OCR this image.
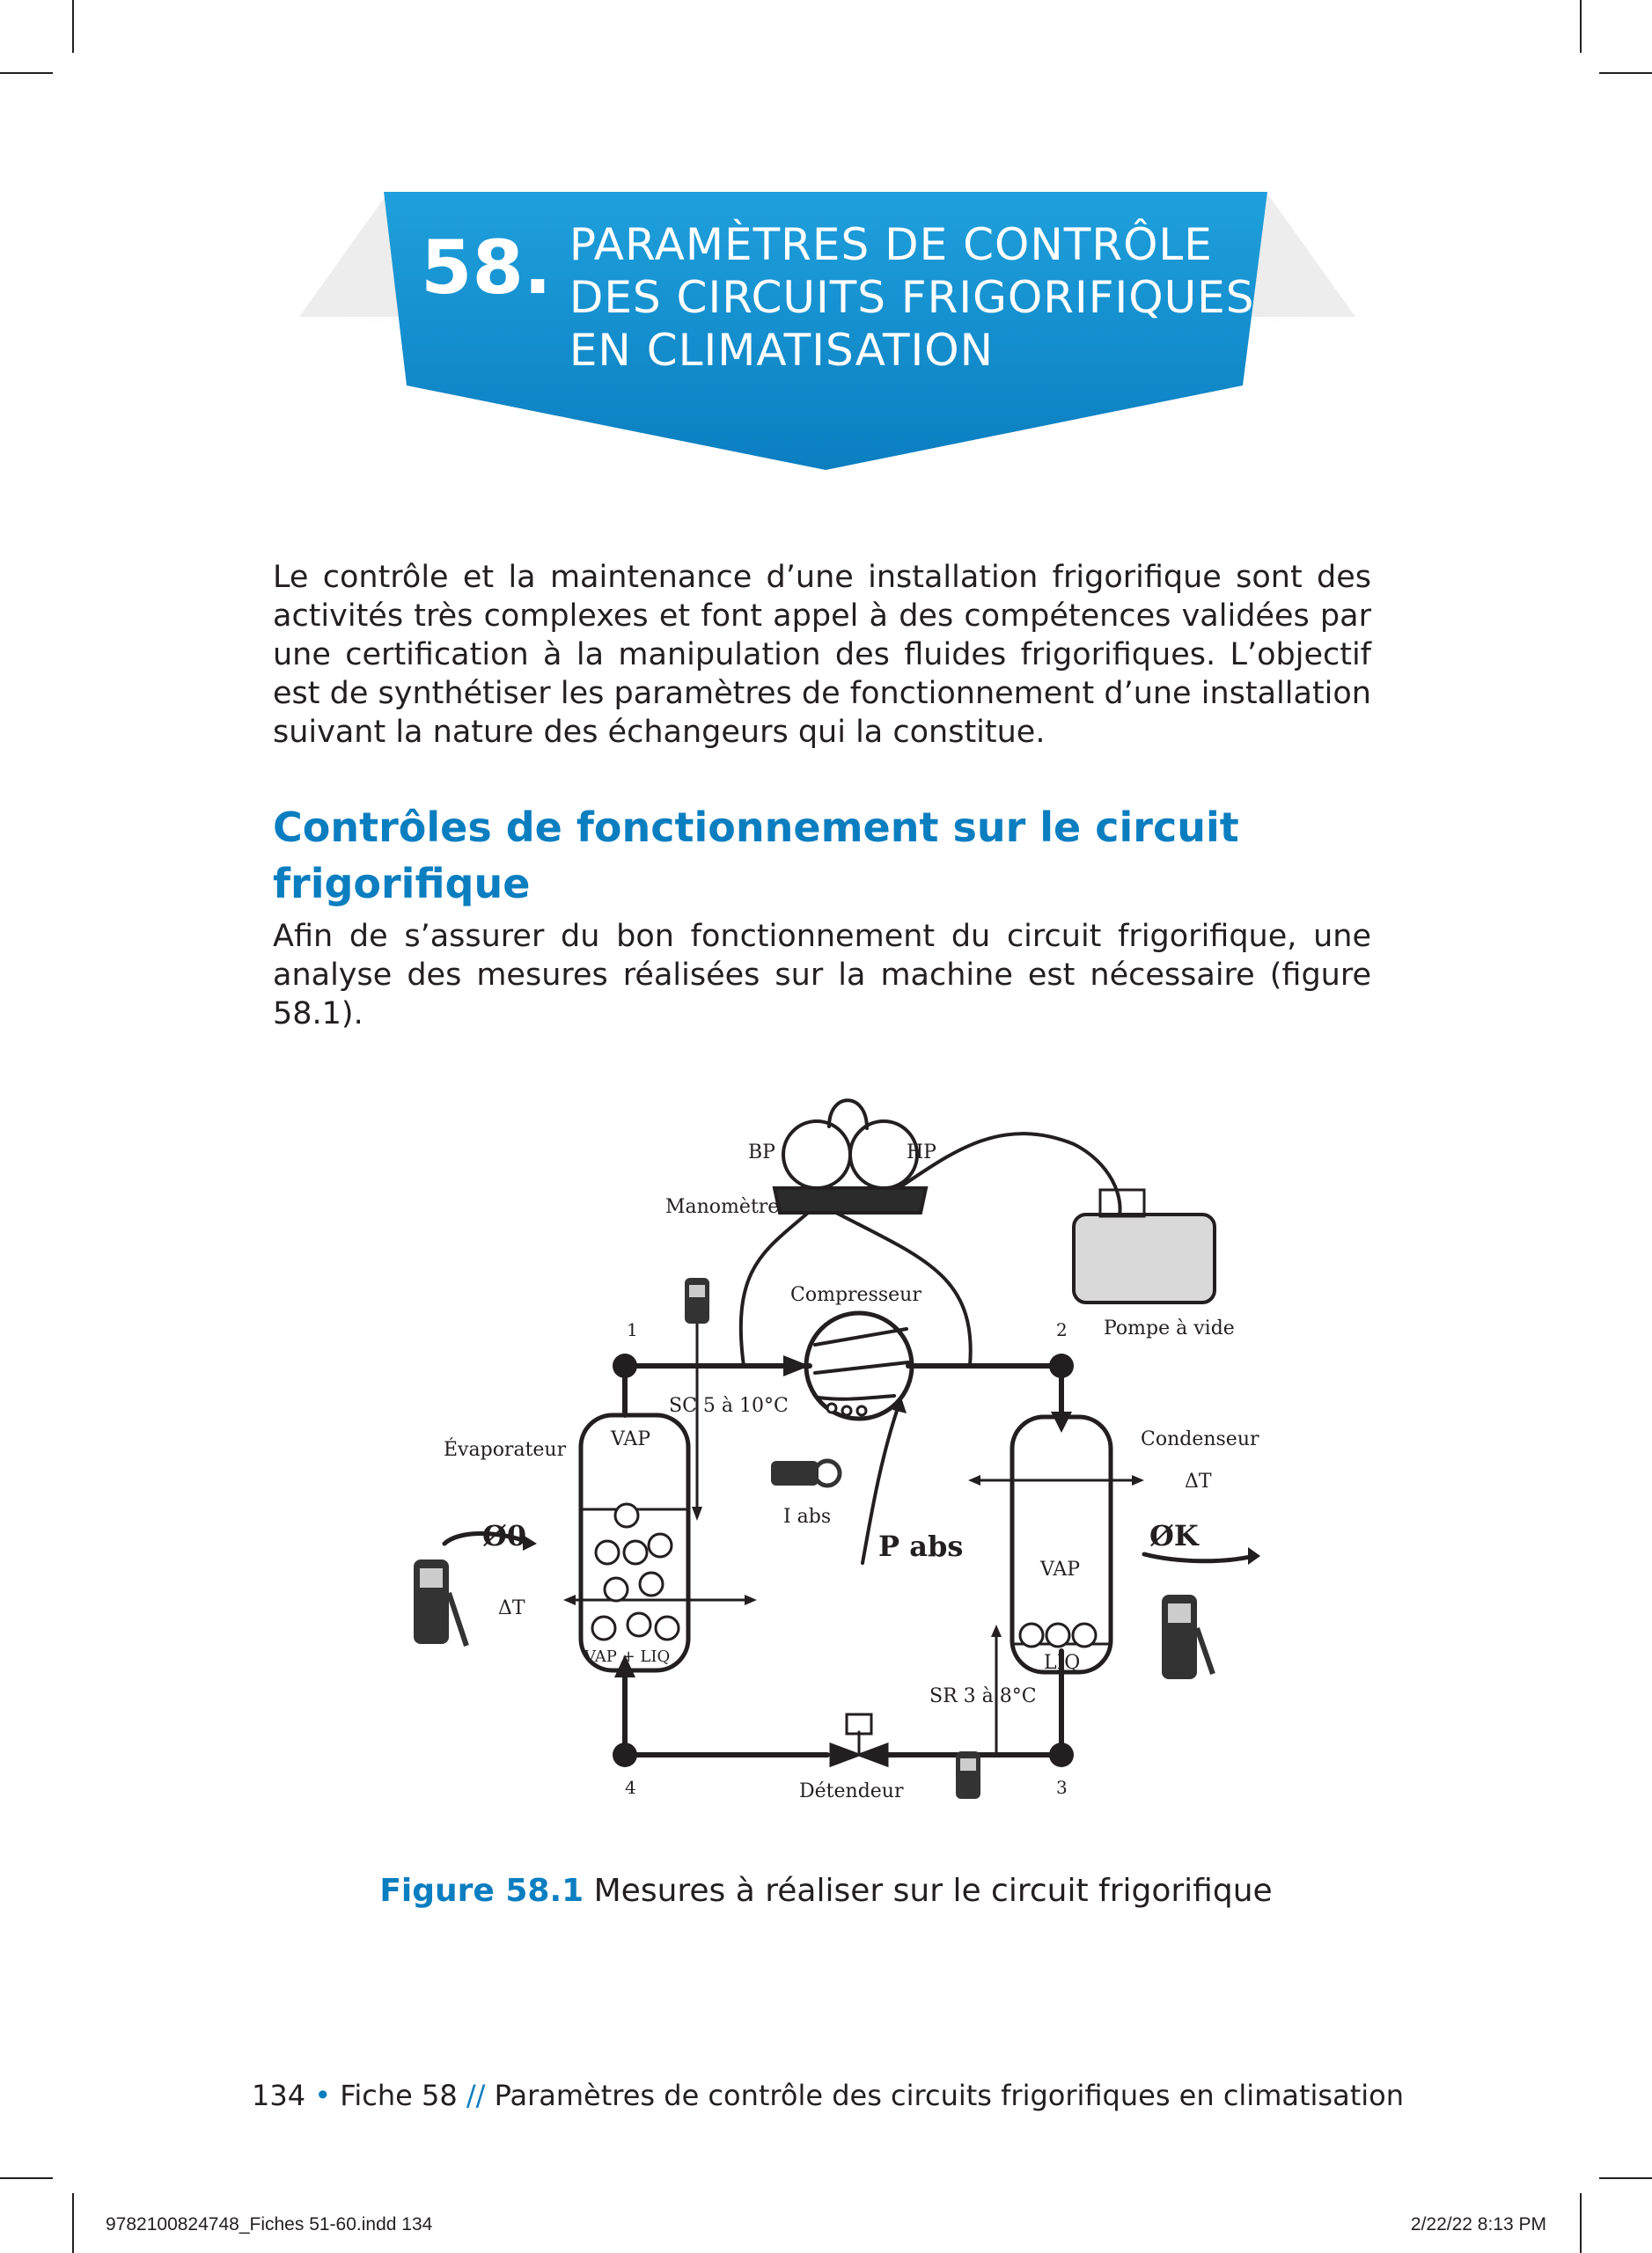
58. PARAMÈTRES DE CONTRÔLE
DES CIRCUITS FRIGORIFIQUES
EN CLIMATISATION

Le contrôle et la maintenance d’une installation frigorifique sont des activités très complexes et font appel à des compétences validées par une certification à la manipulation des fluides frigorifiques. L’objectif est de synthétiser les paramètres de fonctionnement d’une installation suivant la nature des échangeurs qui la constitue.

Contrôles de fonctionnement sur le circuit frigorifique

Afin de s’assurer du bon fonctionnement du circuit frigorifique, une analyse des mesures réalisées sur la machine est nécessaire (figure 58.1).

BP	HP
Manomètre
Compresseur
Pompe à vide
1	2
3
4
SC 5 à 10°C
Évaporateur	Condenseur
VAP
VAP + LIQ
VAP
LIQ
Ø0	ØK
ΔT
ΔT
I abs
P abs
SR 3 à 8°C
Détendeur
Figure 58.1 Mesures à réaliser sur le circuit frigorifique
134 • Fiche 58 // Paramètres de contrôle des circuits frigorifiques en climatisation
9782100824748_Fiches 51-60.indd 134	2/22/22 8:13 PM
